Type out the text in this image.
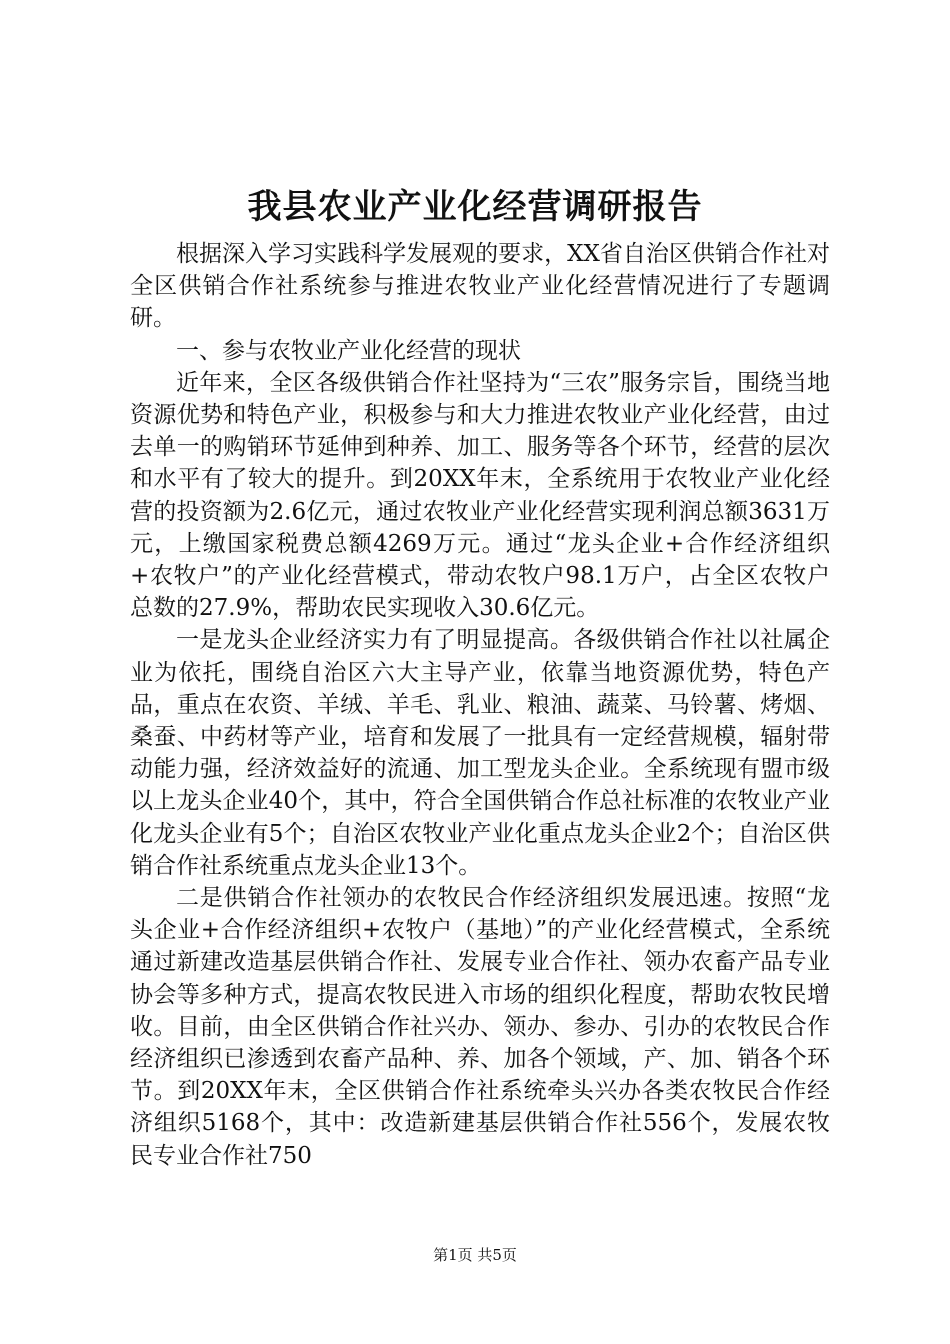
我县农业产业化经营调研报告

根据深入学习实践科学发展观的要求，XX省自治区供销合作社对全区供销合作社系统参与推进农牧业产业化经营情况进行了专题调研。

一、参与农牧业产业化经营的现状

近年来，全区各级供销合作社坚持为“三农”服务宗旨，围绕当地资源优势和特色产业，积极参与和大力推进农牧业产业化经营，由过去单一的购销环节延伸到种养、加工、服务等各个环节，经营的层次和水平有了较大的提升。到20XX年末，全系统用于农牧业产业化经营的投资额为2.6亿元，通过农牧业产业化经营实现利润总额3631万元，上缴国家税费总额4269万元。通过“龙头企业+合作经济组织+农牧户”的产业化经营模式，带动农牧户98.1万户，占全区农牧户总数的27.9%，帮助农民实现收入30.6亿元。

一是龙头企业经济实力有了明显提高。各级供销合作社以社属企业为依托，围绕自治区六大主导产业，依靠当地资源优势，特色产品，重点在农资、羊绒、羊毛、乳业、粮油、蔬菜、马铃薯、烤烟、桑蚕、中药材等产业，培育和发展了一批具有一定经营规模，辐射带动能力强，经济效益好的流通、加工型龙头企业。全系统现有盟市级以上龙头企业40个，其中，符合全国供销合作总社标准的农牧业产业化龙头企业有5个；自治区农牧业产业化重点龙头企业2个；自治区供销合作社系统重点龙头企业13个。

二是供销合作社领办的农牧民合作经济组织发展迅速。按照“龙头企业+合作经济组织+农牧户（基地）”的产业化经营模式，全系统通过新建改造基层供销合作社、发展专业合作社、领办农畜产品专业协会等多种方式，提高农牧民进入市场的组织化程度，帮助农牧民增收。目前，由全区供销合作社兴办、领办、参办、引办的农牧民合作经济组织已渗透到农畜产品种、养、加各个领域，产、加、销各个环节。到20XX年末，全区供销合作社系统牵头兴办各类农牧民合作经济组织5168个，其中：改造新建基层供销合作社556个，发展农牧民专业合作社750

第1页 共5页
